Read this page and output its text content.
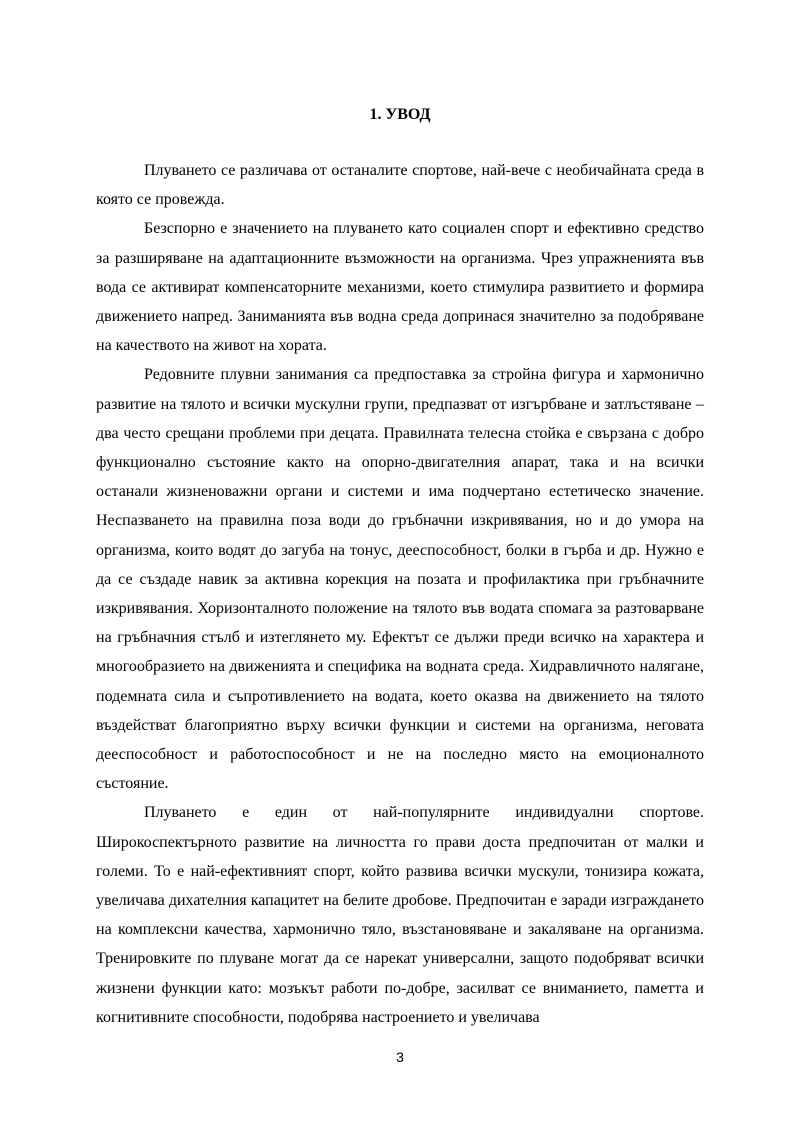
1. УВОД

Плуването се различава от останалите спортове, най-вече с необичайната среда в която се провежда.

Безспорно е значението на плуването като социален спорт и ефективно средство за разширяване на адаптационните възможности на организма. Чрез упражненията във вода се активират компенсаторните механизми, което стимулира развитието и формира движението напред. Заниманията във водна среда допринася значително за подобряване на качеството на живот на хората.

Редовните плувни занимания са предпоставка за стройна фигура и хармонично развитие на тялото и всички мускулни групи, предпазват от изгърбване и затлъстяване – два често срещани проблеми при децата. Правилната телесна стойка е свързана с добро функционално състояние както на опорно-двигателния апарат, така и на всички останали жизненоважни органи и системи и има подчертано естетическо значение. Неспазването на правилна поза води до гръбначни изкривявания, но и до умора на организма, които водят до загуба на тонус, дееспособност, болки в гърба и др. Нужно е да се създаде навик за активна корекция на позата и профилактика при гръбначните изкривявания. Хоризонталното положение на тялото във водата спомага за разтоварване на гръбначния стълб и изтеглянето му. Ефектът се дължи преди всичко на характера и многообразието на движенията и специфика на водната среда. Хидравличното налягане, подемната сила и съпротивлението на водата, което оказва на движението на тялото въздействат благоприятно върху всички функции и системи на организма, неговата дееспособност и работоспособност и не на последно място на емоционалното състояние.

Плуването е един от най-популярните индивидуални спортове. Широкоспектърното развитие на личността го прави доста предпочитан от малки и големи. То е най-ефективният спорт, който развива всички мускули, тонизира кожата, увеличава дихателния капацитет на белите дробове. Предпочитан е заради изграждането на комплексни качества, хармонично тяло, възстановяване и закаляване на организма. Тренировките по плуване могат да се нарекат универсални, защото подобряват всички жизнени функции като: мозъкът работи по-добре, засилват се вниманието, паметта и когнитивните способности, подобрява настроението и увеличава

3
